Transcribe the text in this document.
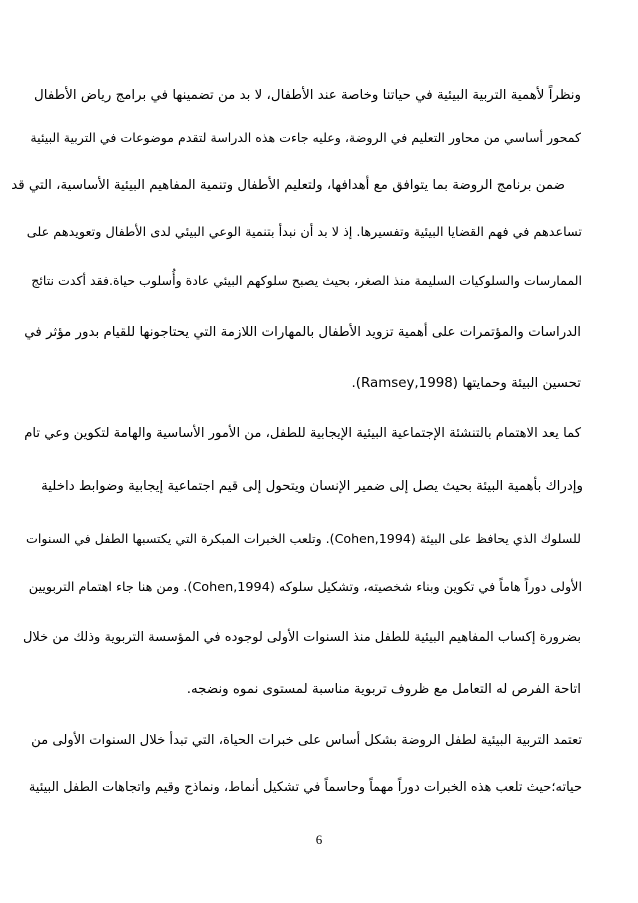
ونظراً لأهمية التربية البيئية في حياتنا وخاصة عند الأطفال، لا بد من تضمينها في برامج رياض الأطفال
كمحور أساسي من محاور التعليم في الروضة، وعليه جاءت هذه الدراسة لتقدم موضوعات في التربية البيئية
ضمن برنامج الروضة بما يتوافق مع أهدافها، ولتعليم الأطفال وتنمية المفاهيم البيئية الأساسية، التي قد
تساعدهم في فهم القضايا البيئية وتفسيرها. إذ لا بد أن نبدأ بتنمية الوعي البيئي لدى الأطفال وتعويدهم على
الممارسات والسلوكيات السليمة منذ الصغر، بحيث يصبح سلوكهم البيئي عادة وأُسلوب حياة.فقد أكدت نتائج
الدراسات والمؤتمرات على أهمية تزويد الأطفال بالمهارات اللازمة التي يحتاجونها للقيام بدور مؤثر في
تحسين البيئة وحمايتها (Ramsey,1998).
كما يعد الاهتمام بالتنشئة الإجتماعية البيئية الإيجابية للطفل، من الأمور الأساسية والهامة لتكوين وعي تام
وإدراك بأهمية البيئة بحيث يصل إلى ضمير الإنسان ويتحول إلى قيم اجتماعية إيجابية وضوابط داخلية
للسلوك الذي يحافظ على البيئة (Cohen,1994). وتلعب الخبرات المبكرة التي يكتسبها الطفل في السنوات
الأولى دوراً هاماً في تكوين وبناء شخصيته، وتشكيل سلوكه (Cohen,1994). ومن هنا جاء اهتمام التربويين
بضرورة إكساب المفاهيم البيئية للطفل منذ السنوات الأولى لوجوده في المؤسسة التربوية وذلك من خلال
اتاحة الفرص له التعامل مع ظروف تربوية مناسبة لمستوى نموه ونضجه.
تعتمد التربية البيئية لطفل الروضة بشكل أساس على خبرات الحياة، التي تبدأ خلال السنوات الأولى من
حياته؛حيث تلعب هذه الخبرات دوراً مهماً وحاسماً في تشكيل أنماط، ونماذج وقيم واتجاهات الطفل البيئية
6
